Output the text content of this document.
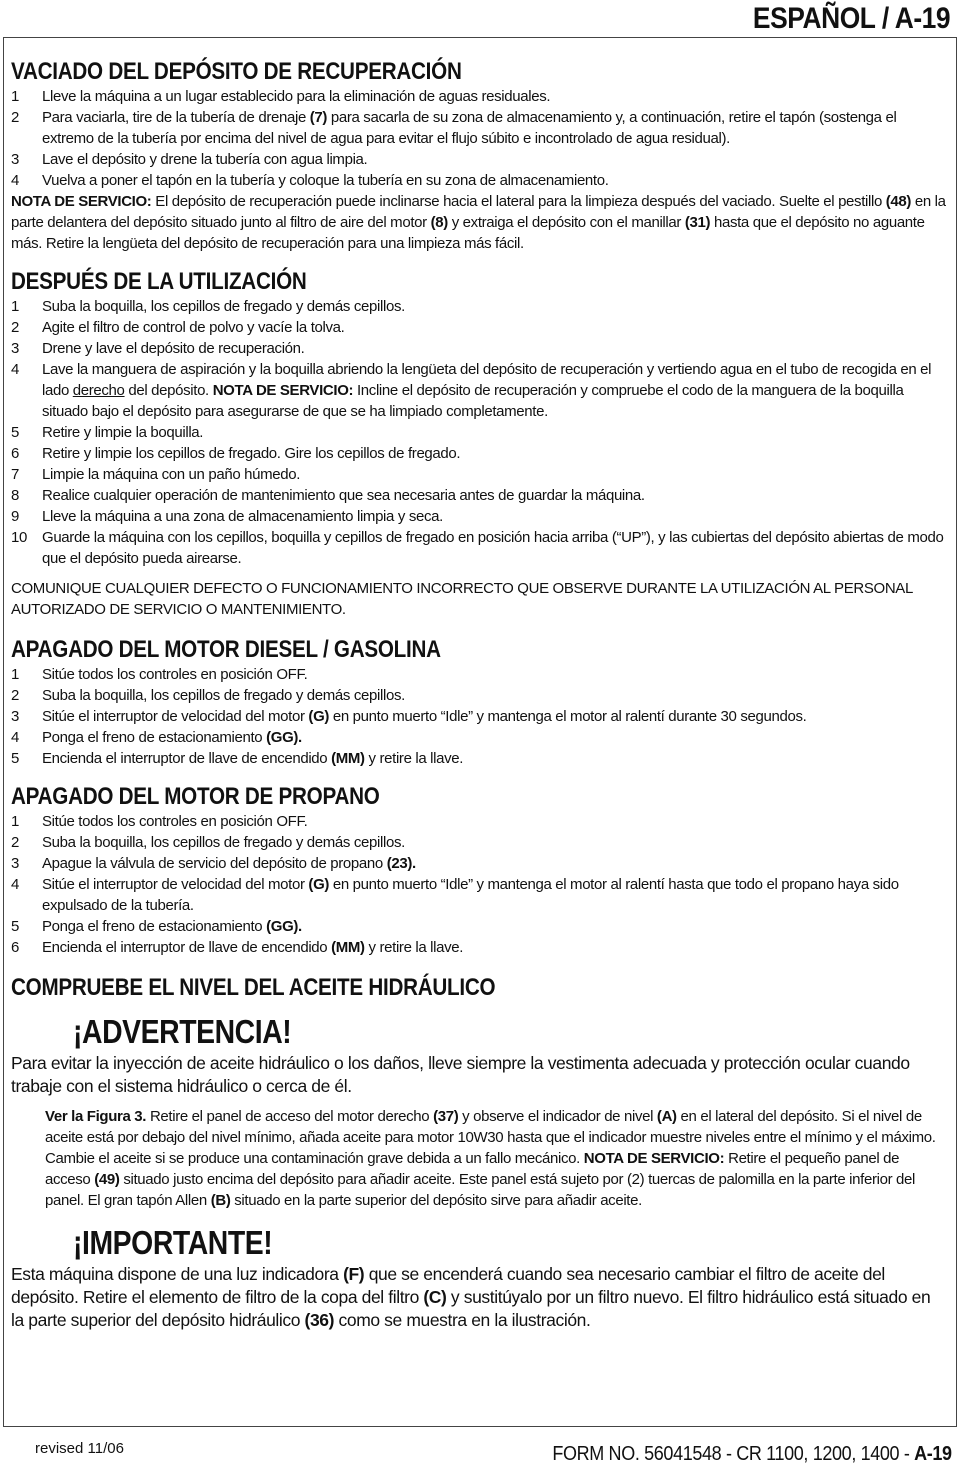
ESPAÑOL / A-19
VACIADO DEL DEPÓSITO DE RECUPERACIÓN
1	Lleve la máquina a un lugar establecido para la eliminación de aguas residuales.
2	Para vaciarla, tire de la tubería de drenaje (7) para sacarla de su zona de almacenamiento y, a continuación, retire el tapón (sostenga el extremo de la tubería por encima del nivel de agua para evitar el flujo súbito e incontrolado de agua residual).
3	Lave el depósito y drene la tubería con agua limpia.
4	Vuelva a poner el tapón en la tubería y coloque la tubería en su zona de almacenamiento.

NOTA DE SERVICIO: El depósito de recuperación puede inclinarse hacia el lateral para la limpieza después del vaciado. Suelte el pestillo (48) en la parte delantera del depósito situado junto al filtro de aire del motor (8) y extraiga el depósito con el manillar (31) hasta que el depósito no aguante más. Retire la lengüeta del depósito de recuperación para una limpieza más fácil.

DESPUÉS DE LA UTILIZACIÓN
1	Suba la boquilla, los cepillos de fregado y demás cepillos.
2	Agite el filtro de control de polvo y vacíe la tolva.
3	Drene y lave el depósito de recuperación.
4	Lave la manguera de aspiración y la boquilla abriendo la lengüeta del depósito de recuperación y vertiendo agua en el tubo de recogida en el lado derecho del depósito. NOTA DE SERVICIO: Incline el depósito de recuperación y compruebe el codo de la manguera de la boquilla situado bajo el depósito para asegurarse de que se ha limpiado completamente.
5	Retire y limpie la boquilla.
6	Retire y limpie los cepillos de fregado. Gire los cepillos de fregado.
7	Limpie la máquina con un paño húmedo.
8	Realice cualquier operación de mantenimiento que sea necesaria antes de guardar la máquina.
9	Lleve la máquina a una zona de almacenamiento limpia y seca.
10	Guarde la máquina con los cepillos, boquilla y cepillos de fregado en posición hacia arriba (“UP”), y las cubiertas del depósito abiertas de modo que el depósito pueda airearse.

COMUNIQUE CUALQUIER DEFECTO O FUNCIONAMIENTO INCORRECTO QUE OBSERVE DURANTE LA UTILIZACIÓN AL PERSONAL AUTORIZADO DE SERVICIO O MANTENIMIENTO.

APAGADO DEL MOTOR DIESEL / GASOLINA
1	Sitúe todos los controles en posición OFF.
2	Suba la boquilla, los cepillos de fregado y demás cepillos.
3	Sitúe el interruptor de velocidad del motor (G) en punto muerto “Idle” y mantenga el motor al ralentí durante 30 segundos.
4	Ponga el freno de estacionamiento (GG).
5	Encienda el interruptor de llave de encendido (MM) y retire la llave.
APAGADO DEL MOTOR DE PROPANO
1	Sitúe todos los controles en posición OFF.
2	Suba la boquilla, los cepillos de fregado y demás cepillos.
3	Apague la válvula de servicio del depósito de propano (23).
4	Sitúe el interruptor de velocidad del motor (G) en punto muerto “Idle” y mantenga el motor al ralentí hasta que todo el propano haya sido expulsado de la tubería.
5	Ponga el freno de estacionamiento (GG).
6	Encienda el interruptor de llave de encendido (MM) y retire la llave.
COMPRUEBE EL NIVEL DEL ACEITE HIDRÁULICO
¡ADVERTENCIA!

Para evitar la inyección de aceite hidráulico o los daños, lleve siempre la vestimenta adecuada y protección ocular cuando trabaje con el sistema hidráulico o cerca de él.

Ver la Figura 3. Retire el panel de acceso del motor derecho (37) y observe el indicador de nivel (A) en el lateral del depósito. Si el nivel de aceite está por debajo del nivel mínimo, añada aceite para motor 10W30 hasta que el indicador muestre niveles entre el mínimo y el máximo. Cambie el aceite si se produce una contaminación grave debida a un fallo mecánico. NOTA DE SERVICIO: Retire el pequeño panel de acceso (49) situado justo encima del depósito para añadir aceite. Este panel está sujeto por (2) tuercas de palomilla en la parte inferior del panel. El gran tapón Allen (B) situado en la parte superior del depósito sirve para añadir aceite.

¡IMPORTANTE!

Esta máquina dispone de una luz indicadora (F) que se encenderá cuando sea necesario cambiar el filtro de aceite del depósito. Retire el elemento de filtro de la copa del filtro (C) y sustitúyalo por un filtro nuevo. El filtro hidráulico está situado en la parte superior del depósito hidráulico (36) como se muestra en la ilustración.

revised 11/06	FORM NO. 56041548 - CR 1100, 1200, 1400 - A-19
